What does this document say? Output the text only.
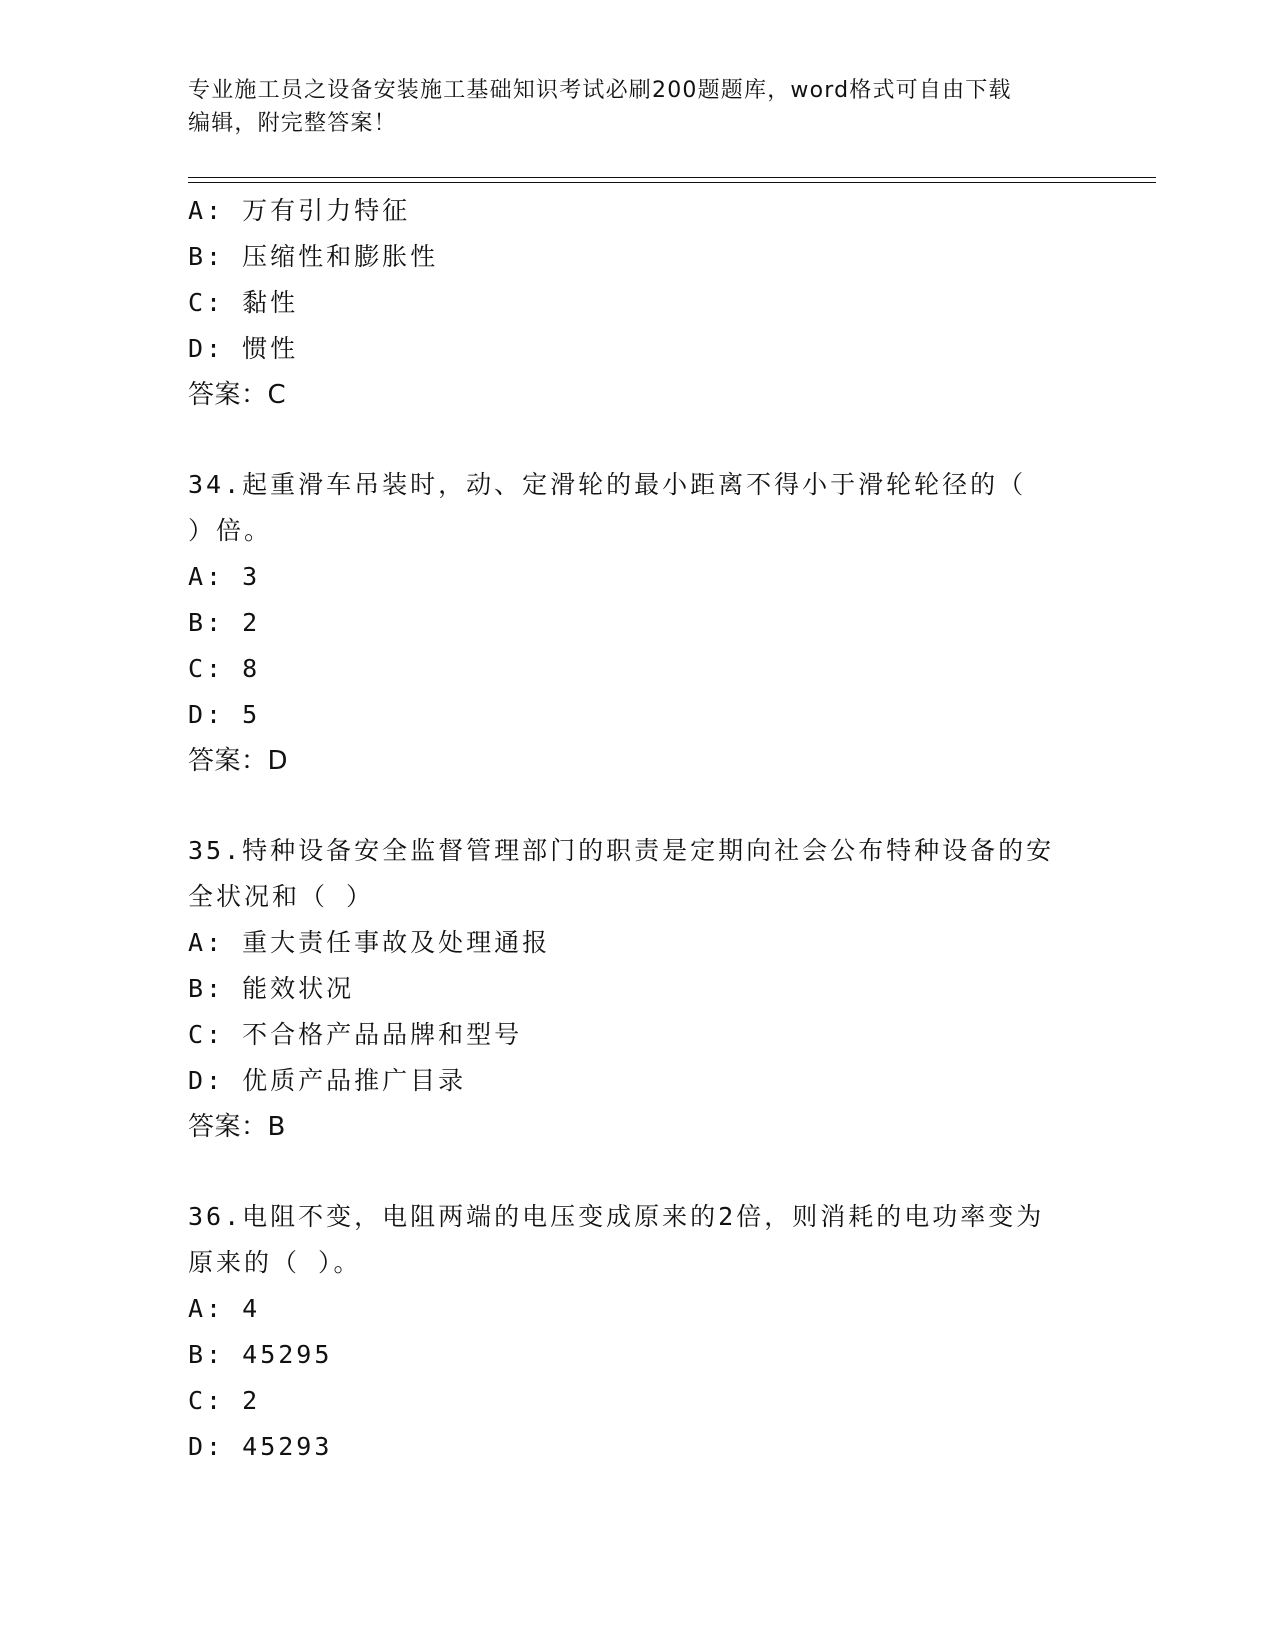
专业施工员之设备安装施工基础知识考试必刷200题题库，word格式可自由下载
编辑，附完整答案！
A: 万有引力特征
B: 压缩性和膨胀性
C: 黏性
D: 惯性
答案：C
34.起重滑车吊装时，动、定滑轮的最小距离不得小于滑轮轮径的（
）倍。
A: 3
B: 2
C: 8
D: 5
答案：D
35.特种设备安全监督管理部门的职责是定期向社会公布特种设备的安
全状况和（ ）
A: 重大责任事故及处理通报
B: 能效状况
C: 不合格产品品牌和型号
D: 优质产品推广目录
答案：B
36.电阻不变，电阻两端的电压变成原来的2倍，则消耗的电功率变为
原来的（ ）。
A: 4
B: 45295
C: 2
D: 45293
